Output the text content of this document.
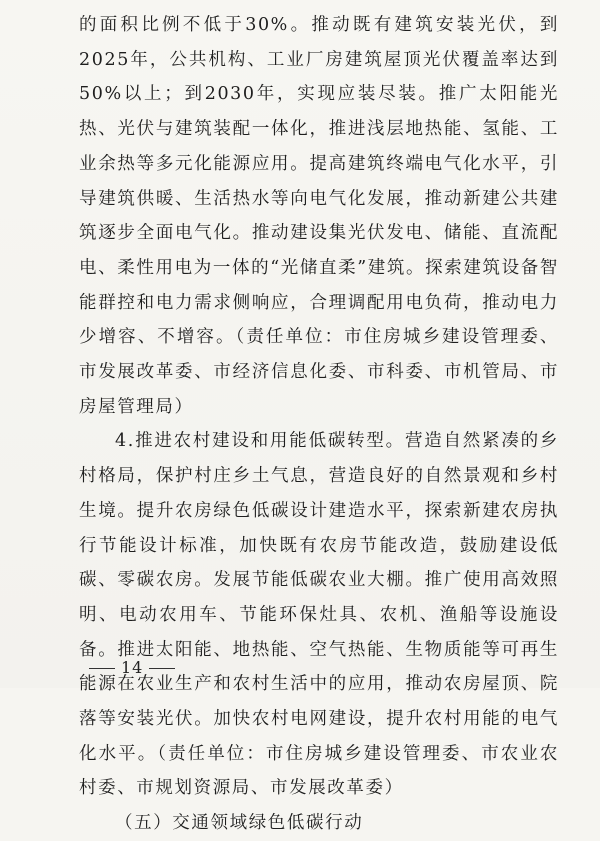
的面积比例不低于30%。推动既有建筑安装光伏，到2025年，公共机构、工业厂房建筑屋顶光伏覆盖率达到50%以上；到2030年，实现应装尽装。推广太阳能光热、光伏与建筑装配一体化，推进浅层地热能、氢能、工业余热等多元化能源应用。提高建筑终端电气化水平，引导建筑供暖、生活热水等向电气化发展，推动新建公共建筑逐步全面电气化。推动建设集光伏发电、储能、直流配电、柔性用电为一体的“光储直柔”建筑。探索建筑设备智能群控和电力需求侧响应，合理调配用电负荷，推动电力少增容、不增容。（责任单位：市住房城乡建设管理委、市发展改革委、市经济信息化委、市科委、市机管局、市房屋管理局）

4.推进农村建设和用能低碳转型。营造自然紧凑的乡村格局，保护村庄乡土气息，营造良好的自然景观和乡村生境。提升农房绿色低碳设计建造水平，探索新建农房执行节能设计标准，加快既有农房节能改造，鼓励建设低碳、零碳农房。发展节能低碳农业大棚。推广使用高效照明、电动农用车、节能环保灶具、农机、渔船等设施设备。推进太阳能、地热能、空气热能、生物质能等可再生能源在农业生产和农村生活中的应用，推动农房屋顶、院落等安装光伏。加快农村电网建设，提升农村用能的电气化水平。（责任单位：市住房城乡建设管理委、市农业农村委、市规划资源局、市发展改革委）

（五）交通领域绿色低碳行动

14
